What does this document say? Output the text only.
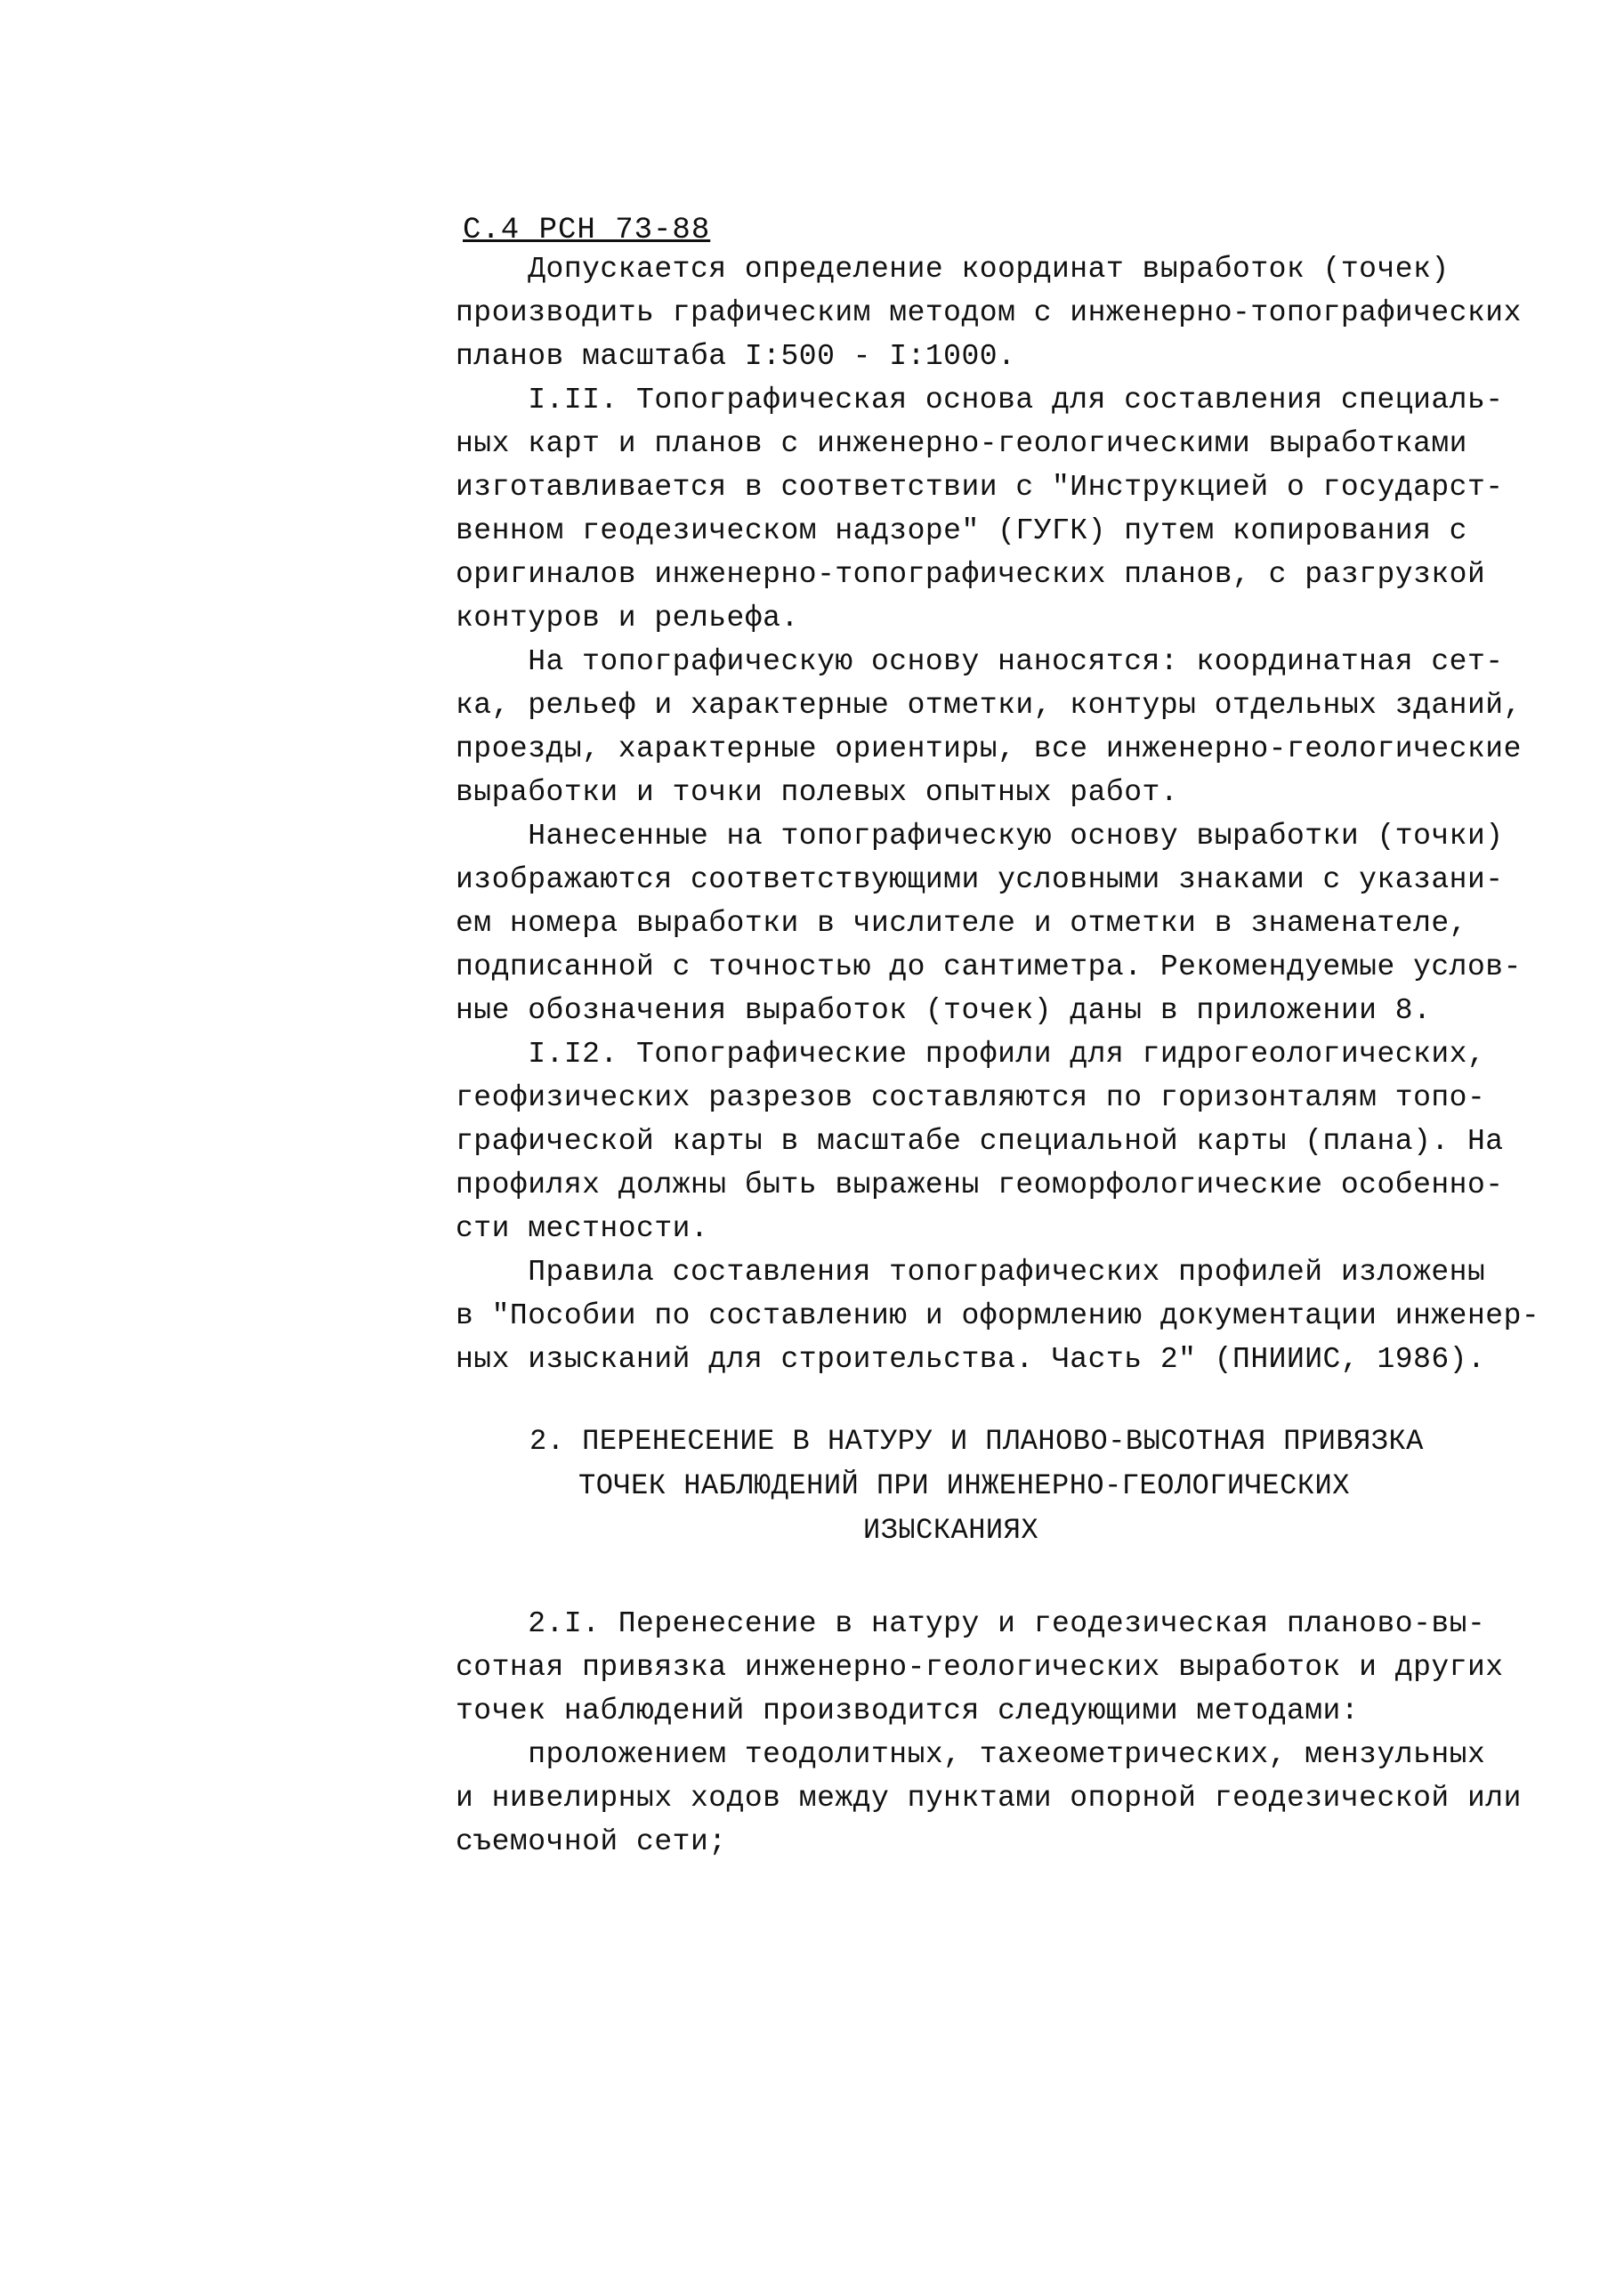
С.4 РСН 73-88
Допускается определение координат выработок (точек)
производить графическим методом с инженерно-топографических
планов масштаба I:500 - I:1000.
I.II. Топографическая основа для составления специаль-
ных карт и планов с инженерно-геологическими выработками
изготавливается в соответствии с "Инструкцией о государст-
венном геодезическом надзоре" (ГУГК) путем копирования с
оригиналов инженерно-топографических планов, с разгрузкой
контуров и рельефа.
На топографическую основу наносятся: координатная сет-
ка, рельеф и характерные отметки, контуры отдельных зданий,
проезды, характерные ориентиры, все инженерно-геологические
выработки и точки полевых опытных работ.
Нанесенные на топографическую основу выработки (точки)
изображаются соответствующими условными знаками с указани-
ем номера выработки в числителе и отметки в знаменателе,
подписанной с точностью до сантиметра. Рекомендуемые услов-
ные обозначения выработок (точек) даны в приложении 8.
I.I2. Топографические профили для гидрогеологических,
геофизических разрезов составляются по горизонталям топо-
графической карты в масштабе специальной карты (плана). На
профилях должны быть выражены геоморфологические особенно-
сти местности.
Правила составления топографических профилей изложены
в "Пособии по составлению и оформлению документации инженер-
ных изысканий для строительства. Часть 2" (ПНИИИС, 1986).
2. ПЕРЕНЕСЕНИЕ В НАТУРУ И ПЛАНОВО-ВЫСОТНАЯ ПРИВЯЗКА
ТОЧЕК НАБЛЮДЕНИЙ ПРИ ИНЖЕНЕРНО-ГЕОЛОГИЧЕСКИХ
ИЗЫСКАНИЯХ
2.I. Перенесение в натуру и геодезическая планово-вы-
сотная привязка инженерно-геологических выработок и других
точек наблюдений производится следующими методами:
проложением теодолитных, тахеометрических, мензульных
и нивелирных ходов между пунктами опорной геодезической или
съемочной сети;
